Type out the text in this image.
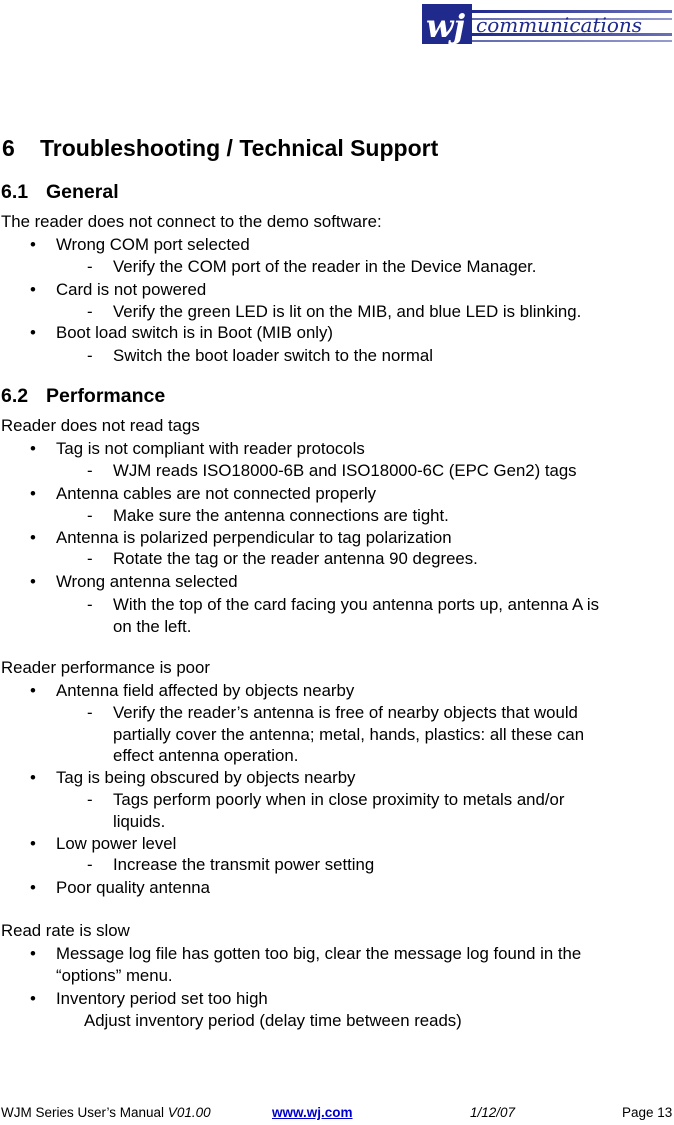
wj communications
6 Troubleshooting / Technical Support
6.1 General
The reader does not connect to the demo software:
• Wrong COM port selected
- Verify the COM port of the reader in the Device Manager.
• Card is not powered
- Verify the green LED is lit on the MIB, and blue LED is blinking.
• Boot load switch is in Boot (MIB only)
- Switch the boot loader switch to the normal
6.2 Performance
Reader does not read tags
• Tag is not compliant with reader protocols
- WJM reads ISO18000-6B and ISO18000-6C (EPC Gen2) tags
• Antenna cables are not connected properly
- Make sure the antenna connections are tight.
• Antenna is polarized perpendicular to tag polarization
- Rotate the tag or the reader antenna 90 degrees.
• Wrong antenna selected
- With the top of the card facing you antenna ports up, antenna A is
on the left.
Reader performance is poor
• Antenna field affected by objects nearby
- Verify the reader’s antenna is free of nearby objects that would
partially cover the antenna; metal, hands, plastics: all these can
effect antenna operation.
• Tag is being obscured by objects nearby
- Tags perform poorly when in close proximity to metals and/or
liquids.
• Low power level
- Increase the transmit power setting
• Poor quality antenna
Read rate is slow
• Message log file has gotten too big, clear the message log found in the
“options” menu.
• Inventory period set too high
Adjust inventory period (delay time between reads)
WJM Series User’s Manual V01.00	www.wj.com	1/12/07	Page 13
